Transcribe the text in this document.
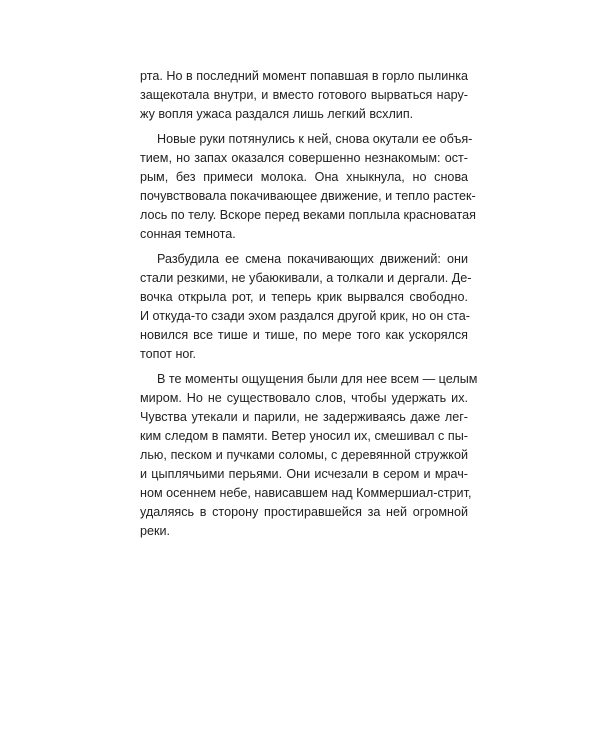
рта. Но в последний момент попавшая в горло пылинка
защекотала внутри, и вместо готового вырваться нару-
жу вопля ужаса раздался лишь легкий всхлип.

Новые руки потянулись к ней, снова окутали ее объя-
тием, но запах оказался совершенно незнакомым: ост-
рым, без примеси молока. Она хныкнула, но снова
почувствовала покачивающее движение, и тепло растек-
лось по телу. Вскоре перед веками поплыла красноватая
сонная темнота.

Разбудила ее смена покачивающих движений: они
стали резкими, не убаюкивали, а толкали и дергали. Де-
вочка открыла рот, и теперь крик вырвался свободно.
И откуда-то сзади эхом раздался другой крик, но он ста-
новился все тише и тише, по мере того как ускорялся
топот ног.

В те моменты ощущения были для нее всем — целым
миром. Но не существовало слов, чтобы удержать их.
Чувства утекали и парили, не задерживаясь даже лег-
ким следом в памяти. Ветер уносил их, смешивал с пы-
лью, песком и пучками соломы, с деревянной стружкой
и цыплячьими перьями. Они исчезали в сером и мрач-
ном осеннем небе, нависавшем над Коммершиал-стрит,
удаляясь в сторону простиравшейся за ней огромной
реки.
